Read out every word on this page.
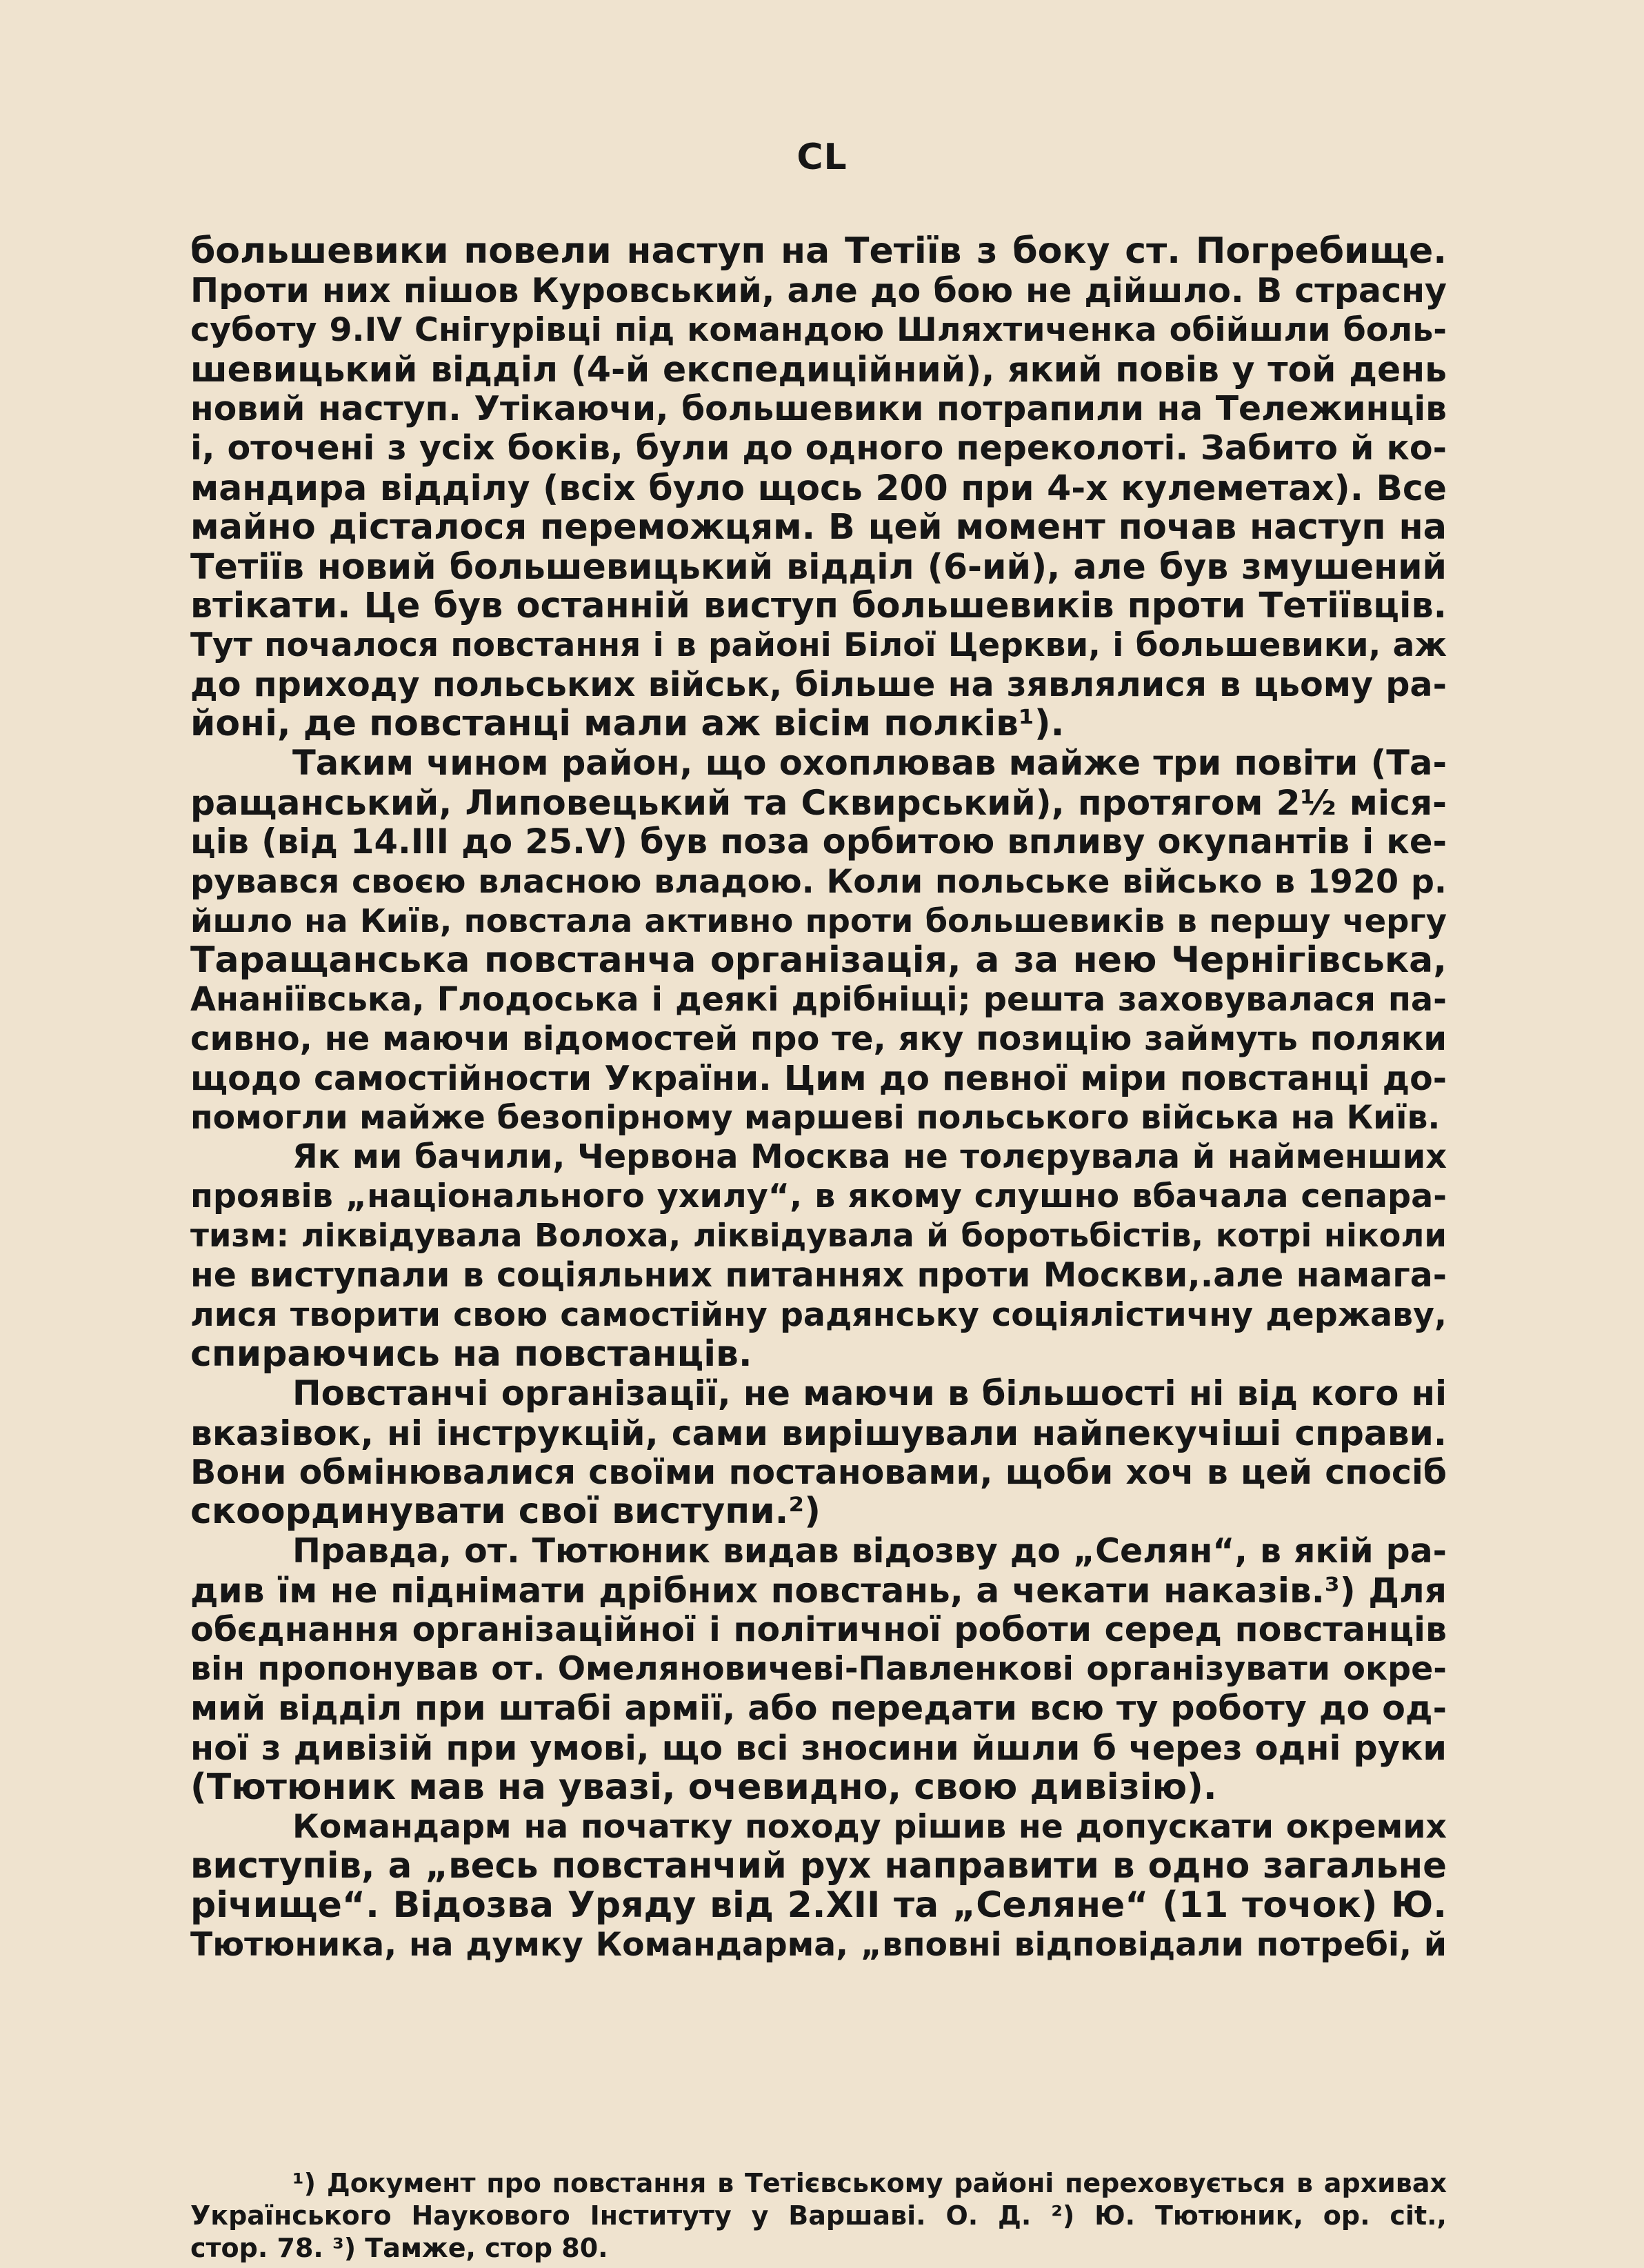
CL
большевики повели наступ на Тетіїв з боку ст. Погребище.
Проти них пішов Куровський, але до бою не дійшло. В страсну
суботу 9.IV Снігурівці під командою Шляхтиченка обійшли боль-
шевицький відділ (4-й експедиційний), який повів у той день
новий наступ. Утікаючи, большевики потрапили на Тележинців
і, оточені з усіх боків, були до одного переколоті. Забито й ко-
мандира відділу (всіх було щось 200 при 4-х кулеметах). Все
майно дісталося переможцям. В цей момент почав наступ на
Тетіїв новий большевицький відділ (6-ий), але був змушений
втікати. Це був останній виступ большевиків проти Тетіївців.
Тут почалося повстання і в районі Білої Церкви, і большевики, аж
до приходу польських військ, більше на зявлялися в цьому ра-
йоні, де повстанці мали аж вісім полків¹).
Таким чином район, що охоплював майже три повіти (Та-
ращанський, Липовецький та Сквирський), протягом 2½ міся-
ців (від 14.III до 25.V) був поза орбитою впливу окупантів і ке-
рувався своєю власною владою. Коли польське військо в 1920 р.
йшло на Київ, повстала активно проти большевиків в першу чергу
Таращанська повстанча організація, а за нею Чернігівська,
Ананіївська, Глодоська і деякі дрібніщі; решта заховувалася па-
сивно, не маючи відомостей про те, яку позицію займуть поляки
щодо самостійности України. Цим до певної міри повстанці до-
помогли майже безопірному маршеві польського війська на Київ.
Як ми бачили, Червона Москва не толєрувала й найменших
проявів „національного ухилу“, в якому слушно вбачала сепара-
тизм: ліквідувала Волоха, ліквідувала й боротьбістів, котрі ніколи
не виступали в соціяльних питаннях проти Москви,.але намага-
лися творити свою самостійну радянську соціялістичну державу,
спираючись на повстанців.
Повстанчі організації, не маючи в більшості ні від кого ні
вказівок, ні інструкцій, сами вирішували найпекучіші справи.
Вони обмінювалися своїми постановами, щоби хоч в цей спосіб
скоординувати свої виступи.²)
Правда, от. Тютюник видав відозву до „Селян“, в якій ра-
див їм не піднімати дрібних повстань, а чекати наказів.³) Для
обєднання організаційної і політичної роботи серед повстанців
він пропонував от. Омеляновичеві-Павленкові організувати окре-
мий відділ при штабі армії, або передати всю ту роботу до од-
ної з дивізій при умові, що всі зносини йшли б через одні руки
(Тютюник мав на увазі, очевидно, свою дивізію).
Командарм на початку походу рішив не допускати окремих
виступів, а „весь повстанчий рух направити в одно загальне
річище“. Відозва Уряду від 2.XII та „Селяне“ (11 точок) Ю.
Тютюника, на думку Командарма, „вповні відповідали потребі, й
¹) Документ про повстання в Тетієвському районі переховується в архивах
Українського Наукового Інституту у Варшаві. О. Д. ²) Ю. Тютюник, ор. cit.,
стор. 78. ³) Тамже, стор 80.
